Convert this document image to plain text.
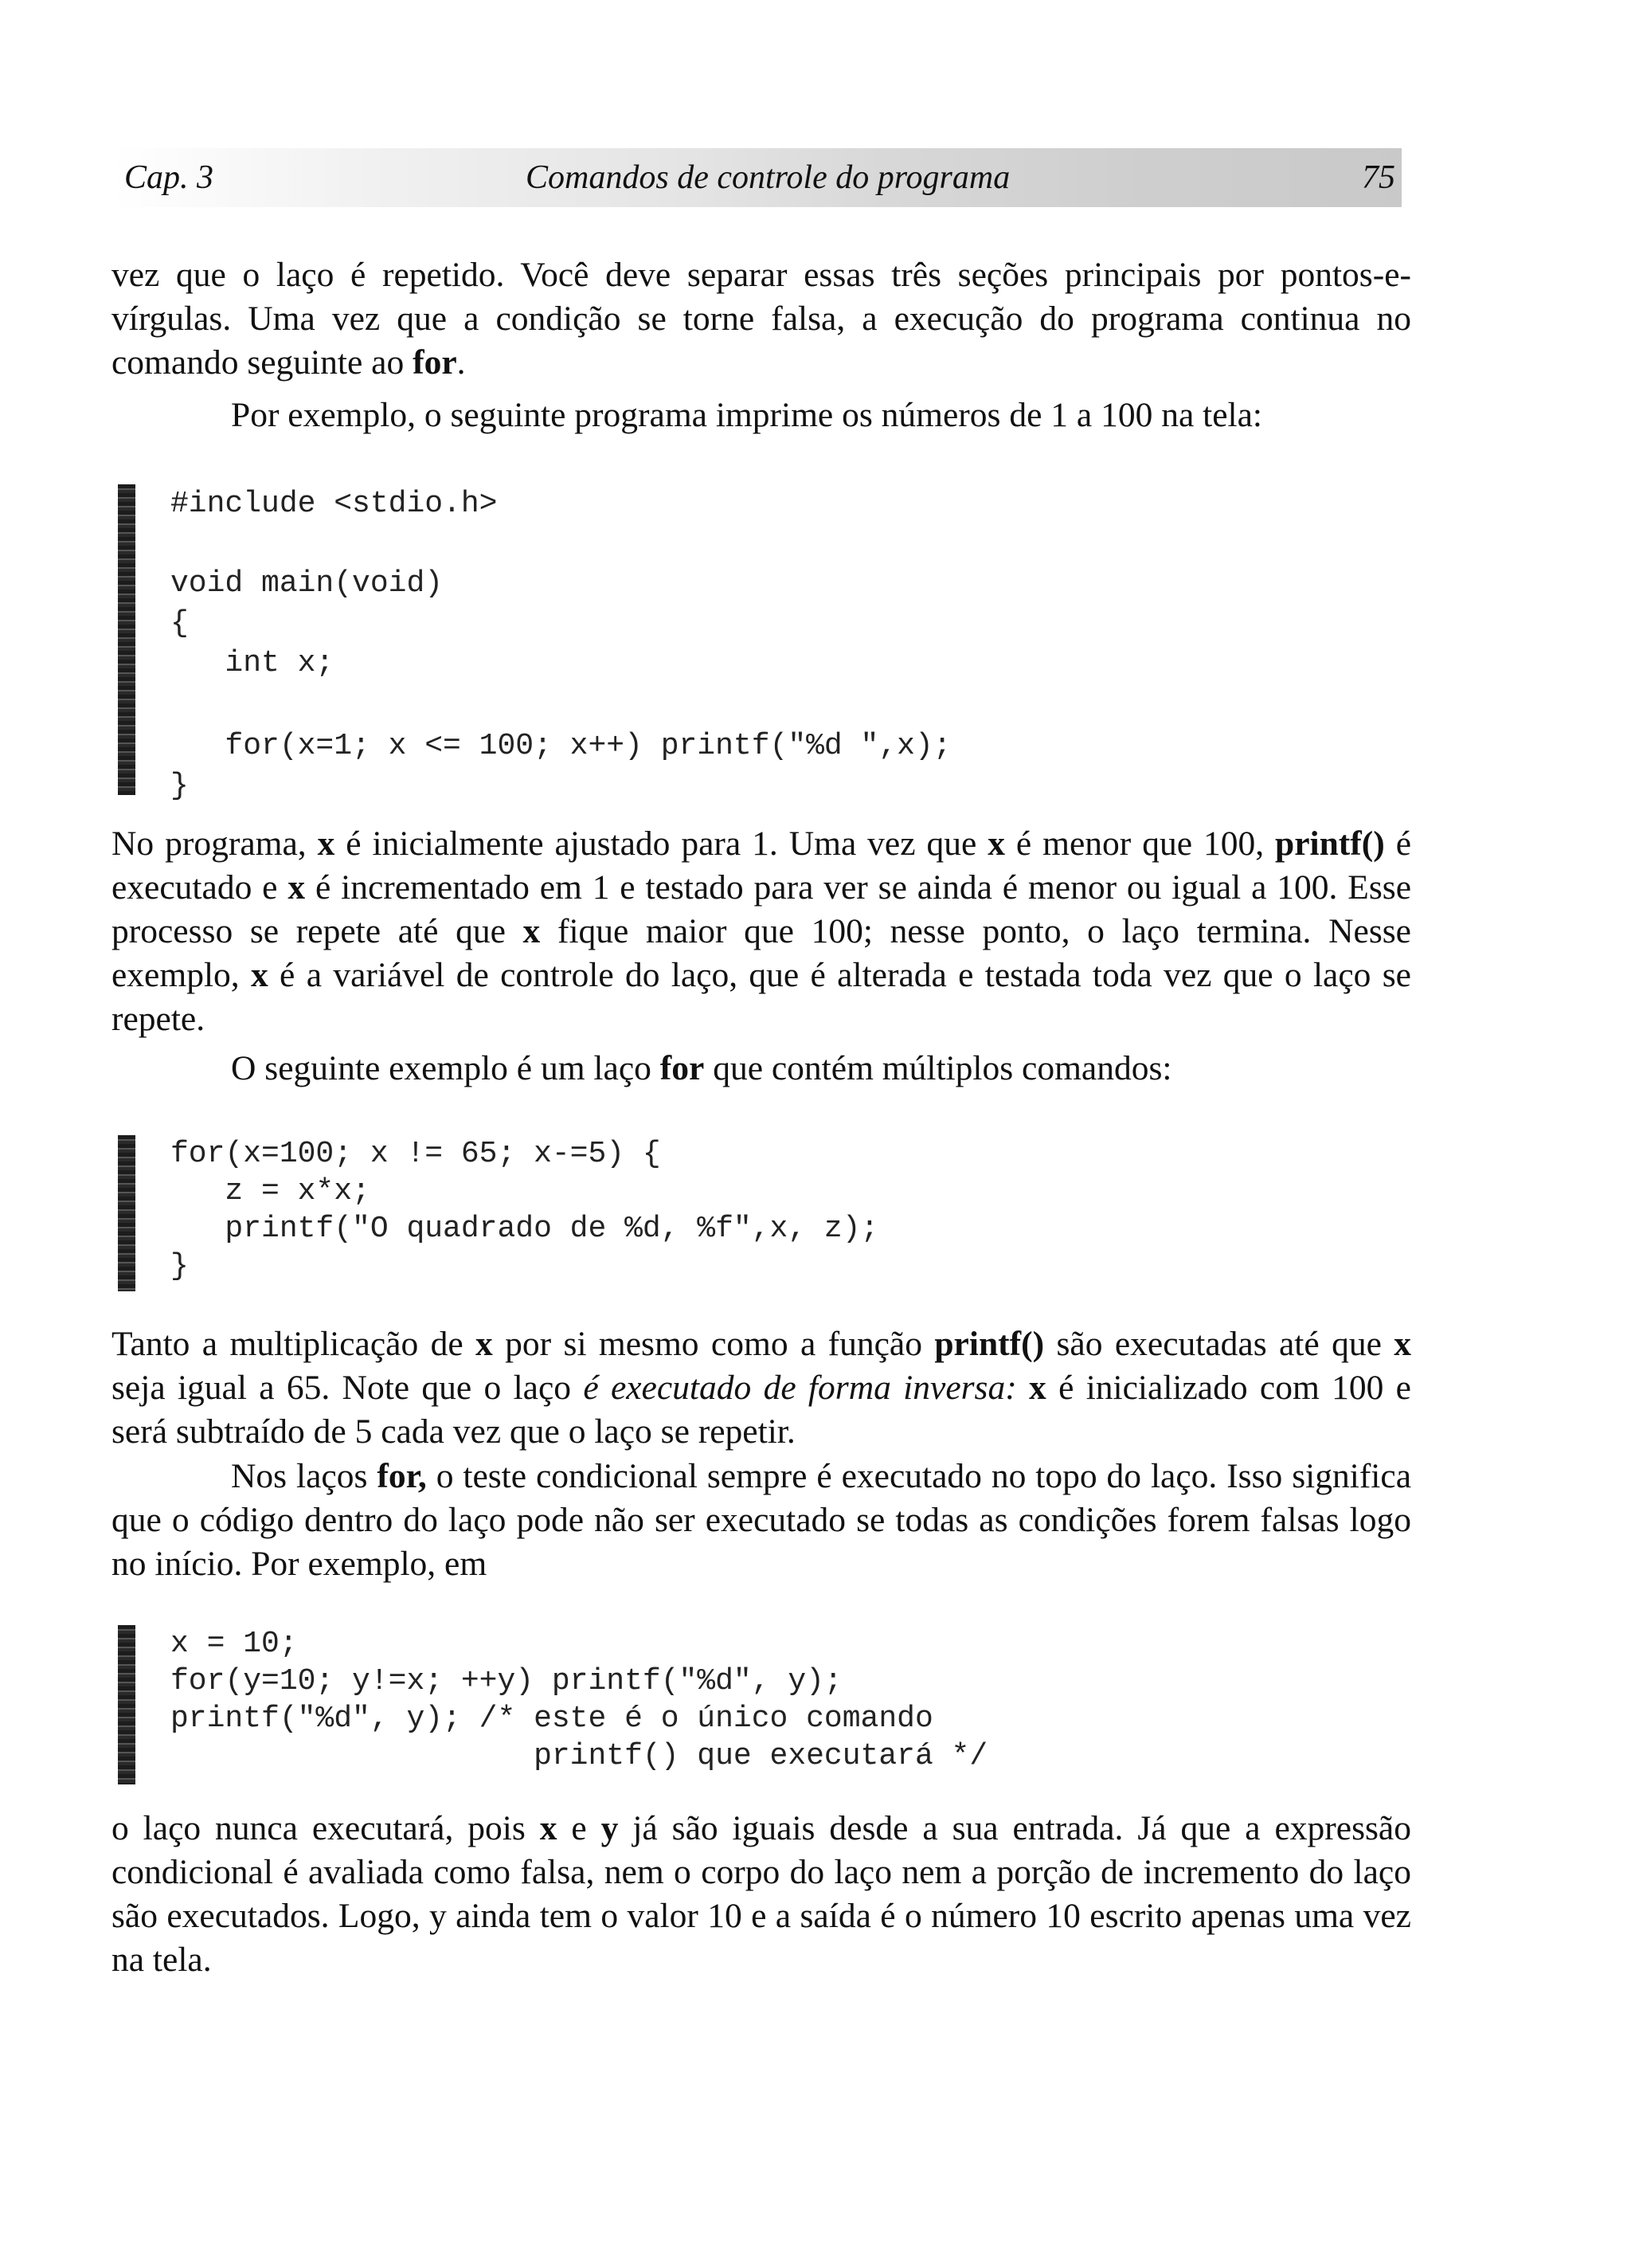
Cap. 3	Comandos de controle do programa	75

vez que o laço é repetido. Você deve separar essas três seções principais por pontos-e-vírgulas. Uma vez que a condição se torne falsa, a execução do programa continua no comando seguinte ao for.

Por exemplo, o seguinte programa imprime os números de 1 a 100 na tela:

#include <stdio.h>
void main(void)
{
int x;
for(x=1; x <= 100; x++) printf("%d ",x);
}

No programa, x é inicialmente ajustado para 1. Uma vez que x é menor que 100, printf() é executado e x é incrementado em 1 e testado para ver se ainda é menor ou igual a 100. Esse processo se repete até que x fique maior que 100; nesse ponto, o laço termina. Nesse exemplo, x é a variável de controle do laço, que é alterada e testada toda vez que o laço se repete.

O seguinte exemplo é um laço for que contém múltiplos comandos:

for(x=100; x != 65; x-=5) {
z = x*x;
printf("O quadrado de %d, %f",x, z);
}

Tanto a multiplicação de x por si mesmo como a função printf() são executadas até que x seja igual a 65. Note que o laço é executado de forma inversa: x é inicializado com 100 e será subtraído de 5 cada vez que o laço se repetir.

Nos laços for, o teste condicional sempre é executado no topo do laço. Isso significa que o código dentro do laço pode não ser executado se todas as condições forem falsas logo no início. Por exemplo, em

x = 10;
for(y=10; y!=x; ++y) printf("%d", y);
printf("%d", y); /* este é o único comando
printf() que executará */

o laço nunca executará, pois x e y já são iguais desde a sua entrada. Já que a expressão condicional é avaliada como falsa, nem o corpo do laço nem a porção de incremento do laço são executados. Logo, y ainda tem o valor 10 e a saída é o número 10 escrito apenas uma vez na tela.
